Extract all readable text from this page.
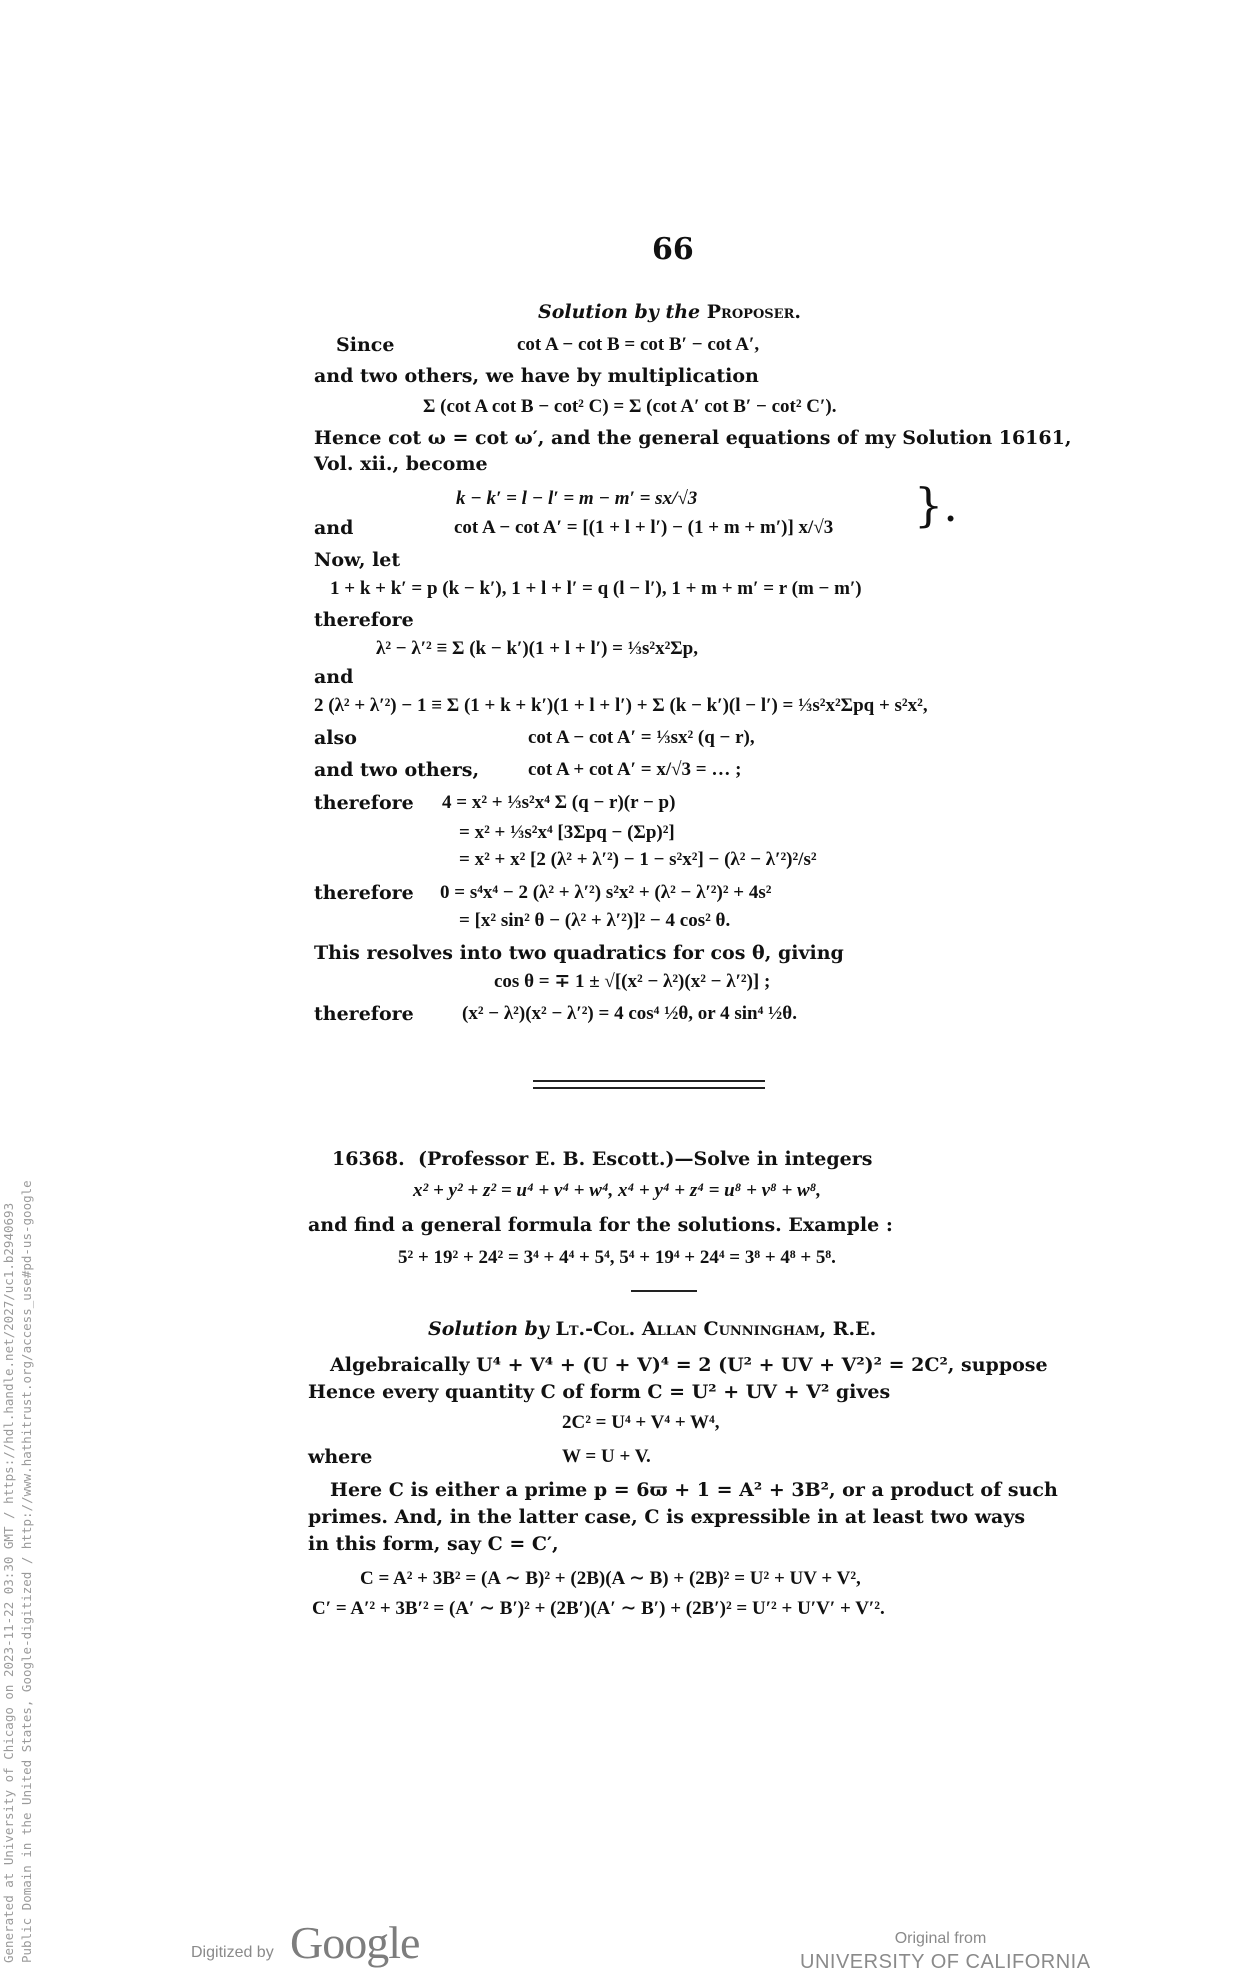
66
Solution by the Proposer.
Since	cot A − cot B = cot B′ − cot A′,
and two others, we have by multiplication
Σ (cot A cot B − cot² C) = Σ (cot A′ cot B′ − cot² C′).
Hence cot ω = cot ω′, and the general equations of my Solution 16161,
Vol. xii., become
k − k′ = l − l′ = m − m′ = sx/√3
and	cot A − cot A′ = [(1 + l + l′) − (1 + m + m′)] x/√3 }.
Now, let
1 + k + k′ = p (k − k′), 1 + l + l′ = q (l − l′), 1 + m + m′ = r (m − m′)
therefore
λ² − λ′² ≡ Σ (k − k′)(1 + l + l′) = ⅓s²x²Σp,
and
2 (λ² + λ′²) − 1 ≡ Σ (1 + k + k′)(1 + l + l′) + Σ (k − k′)(l − l′) = ⅓s²x²Σpq + s²x²,
also	cot A − cot A′ = ⅓sx² (q − r),
and two others,	cot A + cot A′ = x/√3 = … ;
therefore 4 = x² + ⅓s²x⁴ Σ (q − r)(r − p)
= x² + ⅓s²x⁴ [3Σpq − (Σp)²]
= x² + x² [2 (λ² + λ′²) − 1 − s²x²] − (λ² − λ′²)²/s²
therefore 0 = s⁴x⁴ − 2 (λ² + λ′²) s²x² + (λ² − λ′²)² + 4s²
= [x² sin² θ − (λ² + λ′²)]² − 4 cos² θ.
This resolves into two quadratics for cos θ, giving
cos θ = ∓ 1 ± √[(x² − λ²)(x² − λ′²)] ;
therefore	(x² − λ²)(x² − λ′²) = 4 cos⁴ ½θ, or 4 sin⁴ ½θ.
16368. (Professor E. B. Escott.)—Solve in integers
x² + y² + z² = u⁴ + v⁴ + w⁴, x⁴ + y⁴ + z⁴ = u⁸ + v⁸ + w⁸,
and find a general formula for the solutions. Example :
5² + 19² + 24² = 3⁴ + 4⁴ + 5⁴, 5⁴ + 19⁴ + 24⁴ = 3⁸ + 4⁸ + 5⁸.
Solution by Lt.-Col. Allan Cunningham, R.E.
Algebraically U⁴ + V⁴ + (U + V)⁴ = 2 (U² + UV + V²)² = 2C², suppose
Hence every quantity C of form C = U² + UV + V² gives
2C² = U⁴ + V⁴ + W⁴,
where	W = U + V.
Here C is either a prime p = 6ϖ + 1 = A² + 3B², or a product of such
primes. And, in the latter case, C is expressible in at least two ways
in this form, say C = C′,
C = A² + 3B² = (A ∼ B)² + (2B)(A ∼ B) + (2B)² = U² + UV + V²,
C′ = A′² + 3B′² = (A′ ∼ B′)² + (2B′)(A′ ∼ B′) + (2B′)² = U′² + U′V′ + V′².
Generated at University of Chicago on 2023-11-22 03:30 GMT / https://hdl.handle.net/2027/uc1.b2940693 Public Domain in the United States, Google-digitized / http://www.hathitrust.org/access_use#pd-us-google	Digitized by Google	Original from
UNIVERSITY OF CALIFORNIA
